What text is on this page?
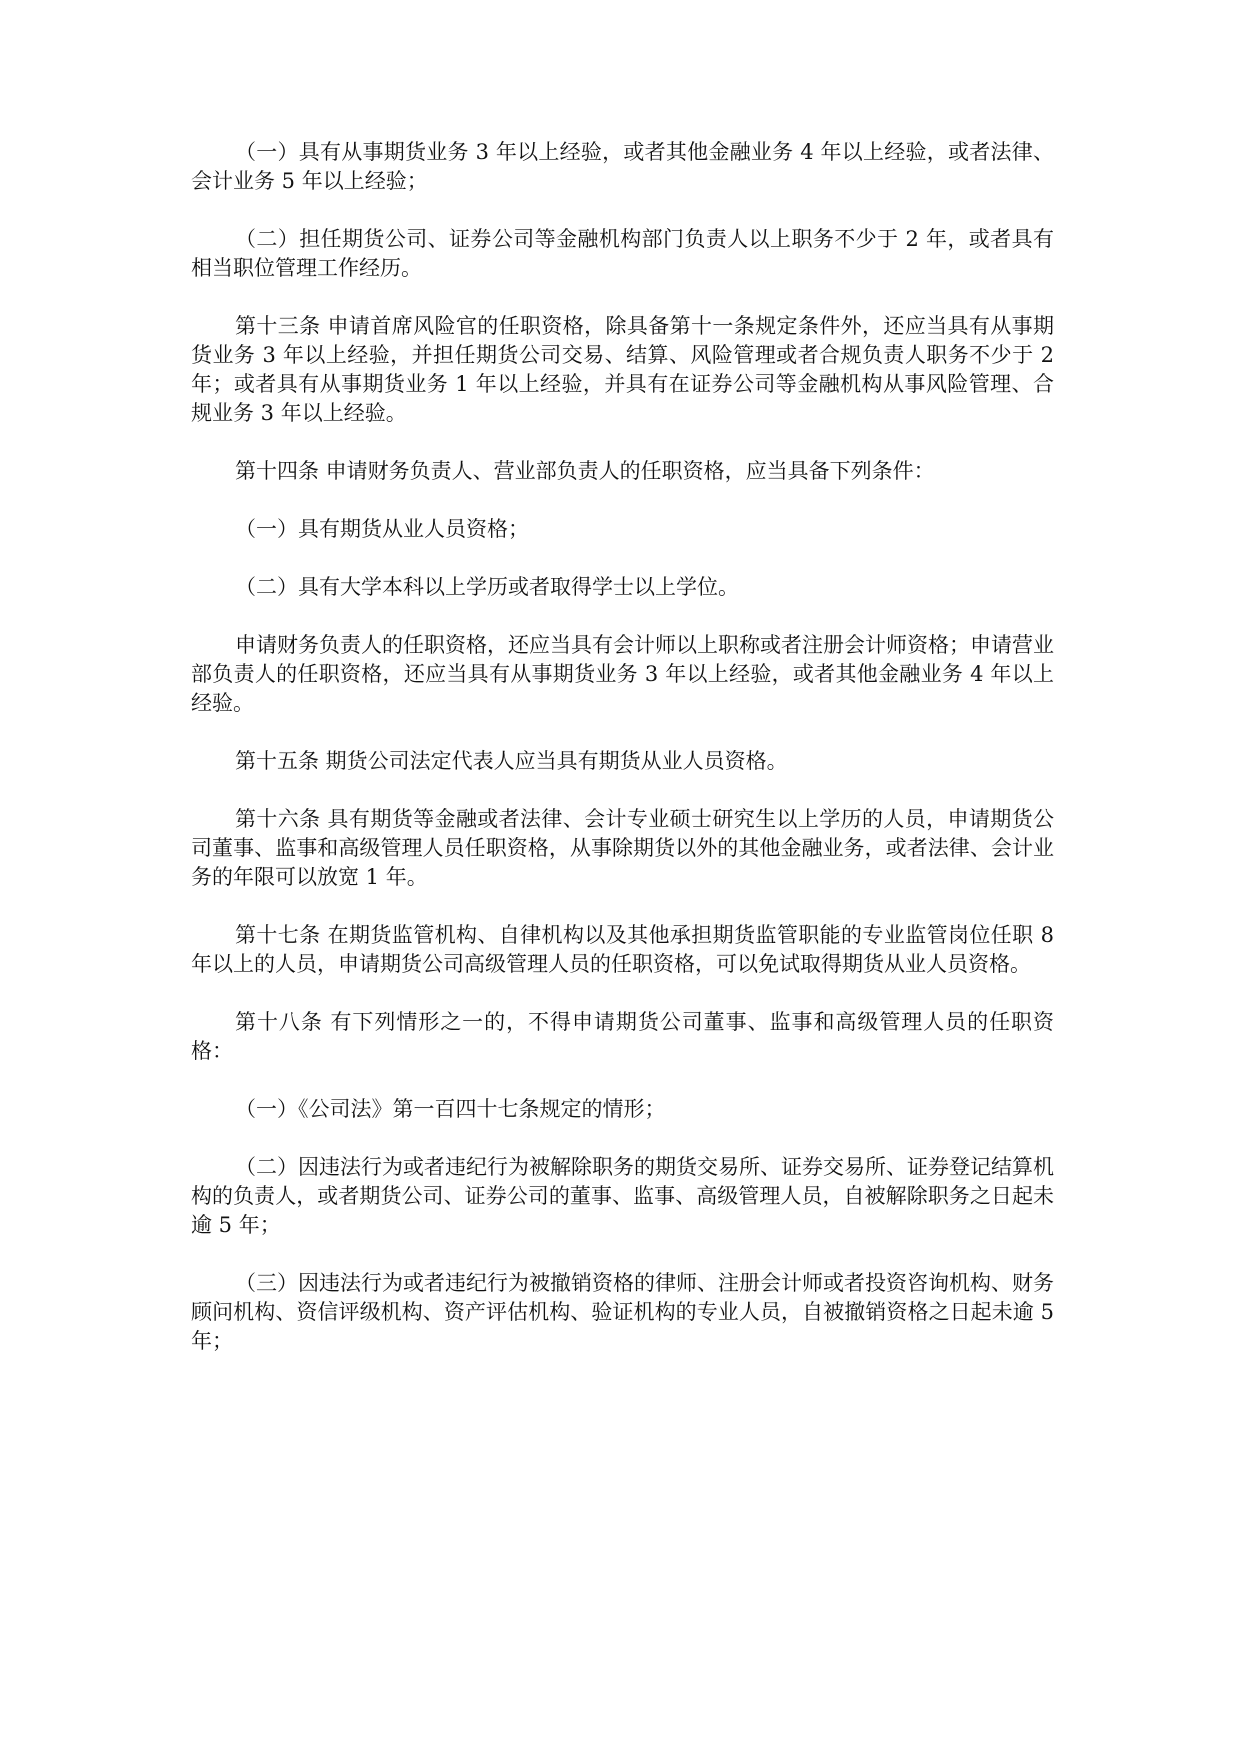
（一）具有从事期货业务 3 年以上经验，或者其他金融业务 4 年以上经验，或者法律、会计业务 5 年以上经验；

（二）担任期货公司、证券公司等金融机构部门负责人以上职务不少于 2 年，或者具有相当职位管理工作经历。

第十三条 申请首席风险官的任职资格，除具备第十一条规定条件外，还应当具有从事期货业务 3 年以上经验，并担任期货公司交易、结算、风险管理或者合规负责人职务不少于 2 年；或者具有从事期货业务 1 年以上经验，并具有在证券公司等金融机构从事风险管理、合规业务 3 年以上经验。

第十四条 申请财务负责人、营业部负责人的任职资格，应当具备下列条件：

（一）具有期货从业人员资格；

（二）具有大学本科以上学历或者取得学士以上学位。

申请财务负责人的任职资格，还应当具有会计师以上职称或者注册会计师资格；申请营业部负责人的任职资格，还应当具有从事期货业务 3 年以上经验，或者其他金融业务 4 年以上经验。

第十五条 期货公司法定代表人应当具有期货从业人员资格。

第十六条 具有期货等金融或者法律、会计专业硕士研究生以上学历的人员，申请期货公司董事、监事和高级管理人员任职资格，从事除期货以外的其他金融业务，或者法律、会计业务的年限可以放宽 1 年。

第十七条 在期货监管机构、自律机构以及其他承担期货监管职能的专业监管岗位任职 8 年以上的人员，申请期货公司高级管理人员的任职资格，可以免试取得期货从业人员资格。

第十八条 有下列情形之一的，不得申请期货公司董事、监事和高级管理人员的任职资格：

（一）《公司法》第一百四十七条规定的情形；

（二）因违法行为或者违纪行为被解除职务的期货交易所、证券交易所、证券登记结算机构的负责人，或者期货公司、证券公司的董事、监事、高级管理人员，自被解除职务之日起未逾 5 年；

（三）因违法行为或者违纪行为被撤销资格的律师、注册会计师或者投资咨询机构、财务顾问机构、资信评级机构、资产评估机构、验证机构的专业人员，自被撤销资格之日起未逾 5 年；
